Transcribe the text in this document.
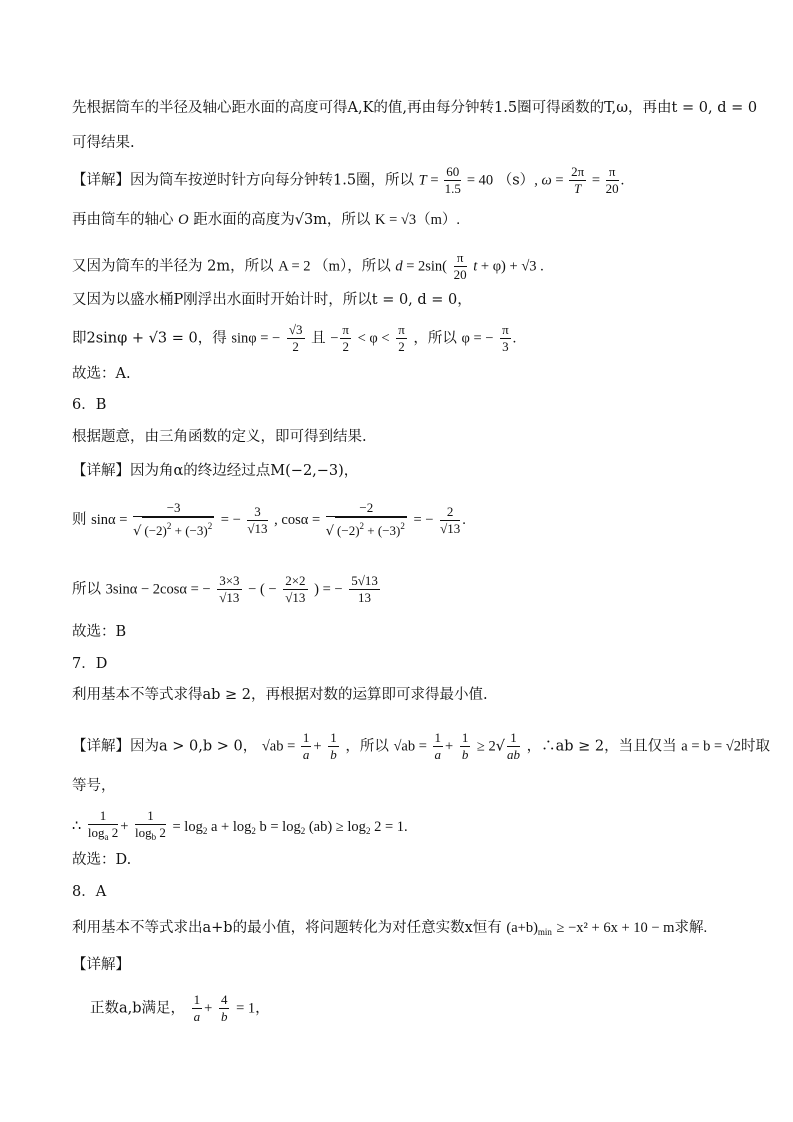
先根据筒车的半径及轴心距水面的高度可得A,K的值,再由每分钟转1.5圈可得函数的T,ω，再由t = 0, d = 0
可得结果.
【详解】因为筒车按逆时针方向每分钟转1.5圈，所以 $T = \frac{60}{1.5} = 40$ （s）, $\omega = \frac{2\pi}{T} = \frac{\pi}{20}$ .
再由筒车的轴心 O 距水面的高度为√3m，所以 K = √3（m）.
又因为筒车的半径为 2m，所以 A = 2 （m），所以 $d = 2\sin( \frac{\pi}{20}$ t + φ) + √3 .
又因为以盛水桶P刚浮出水面时开始计时，所以t = 0, d = 0，
即2sinφ + √3 = 0，得 sinφ = − $\frac{√3}{2}$ 且 − $\frac{\pi}{2} < \varphi < \frac{\pi}{2}$ ，所以 φ = − $\frac{\pi}{3}$ .
故选：A.
6．B
根据题意，由三角函数的定义，即可得到结果.
【详解】因为角α的终边经过点M(−2,−3)，
则 $\sin\alpha = \frac{-3}{√ (-2)^2 + (-3)^2}$ = − $\frac{3}{√13}$ , $\cos\alpha = \frac{-2}{√ (-2)^2 + (-3)^2}$ = − $\frac{2}{√13}$ .
所以 3sinα − 2cosα = − $\frac{3\times 3}{√13}$ − ( − $\frac{2\times 2}{√13}$ ) = − $\frac{5√13}{13}$
故选：B
7．D
利用基本不等式求得ab ≥ 2，再根据对数的运算即可求得最小值.
【详解】因为a > 0,b > 0， $√ab = \frac{1}{a} + \frac{1}{b}$ ，所以 $√ab = \frac{1}{a} + \frac{1}{b} \ge 2√ \frac{1}{ab}$ ，∴ab ≥ 2，当且仅当 a = b = √2时取
等号，
∴ $\frac{1}{\log_a 2} + \frac{1}{\log_b 2} = \log_2 a + \log_2 b = \log_2 (ab) \ge \log_2 2 = 1$.
故选：D.
8．A
利用基本不等式求出a+b的最小值，将问题转化为对任意实数x恒有 $(a+b)_{min} \ge -x^2 + 6x + 10 - m$求解.
【详解】
正数a,b满足， $\frac{1}{a} + \frac{4}{b} = 1$，
